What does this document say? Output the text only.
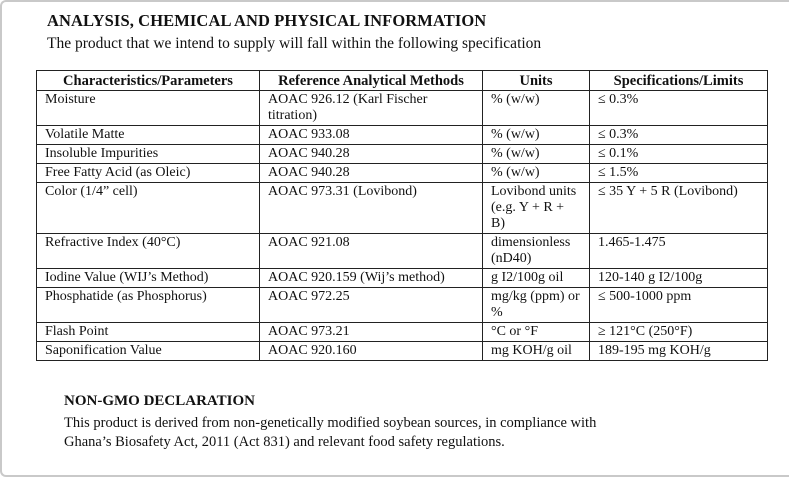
ANALYSIS, CHEMICAL AND PHYSICAL INFORMATION
The product that we intend to supply will fall within the following specification
Characteristics/Parameters	Reference Analytical Methods	Units	Specifications/Limits
Moisture	AOAC 926.12 (Karl Fischer titration)	% (w/w)	≤ 0.3%
Volatile Matte	AOAC 933.08	% (w/w)	≤ 0.3%
Insoluble Impurities	AOAC 940.28	% (w/w)	≤ 0.1%
Free Fatty Acid (as Oleic)	AOAC 940.28	% (w/w)	≤ 1.5%
Color (1/4” cell)	AOAC 973.31 (Lovibond)	Lovibond units (e.g. Y + R + B)	≤ 35 Y + 5 R (Lovibond)
Refractive Index (40°C)	AOAC 921.08	dimensionless (nD40)	1.465-1.475
Iodine Value (WIJ’s Method)	AOAC 920.159 (Wij’s method)	g I2/100g oil	120-140 g I2/100g
Phosphatide (as Phosphorus)	AOAC 972.25	mg/kg (ppm) or %	≤ 500-1000 ppm
Flash Point	AOAC 973.21	°C or °F	≥ 121°C (250°F)
Saponification Value	AOAC 920.160	mg KOH/g oil	189-195 mg KOH/g
NON-GMO DECLARATION
This product is derived from non-genetically modified soybean sources, in compliance with
Ghana’s Biosafety Act, 2011 (Act 831) and relevant food safety regulations.
